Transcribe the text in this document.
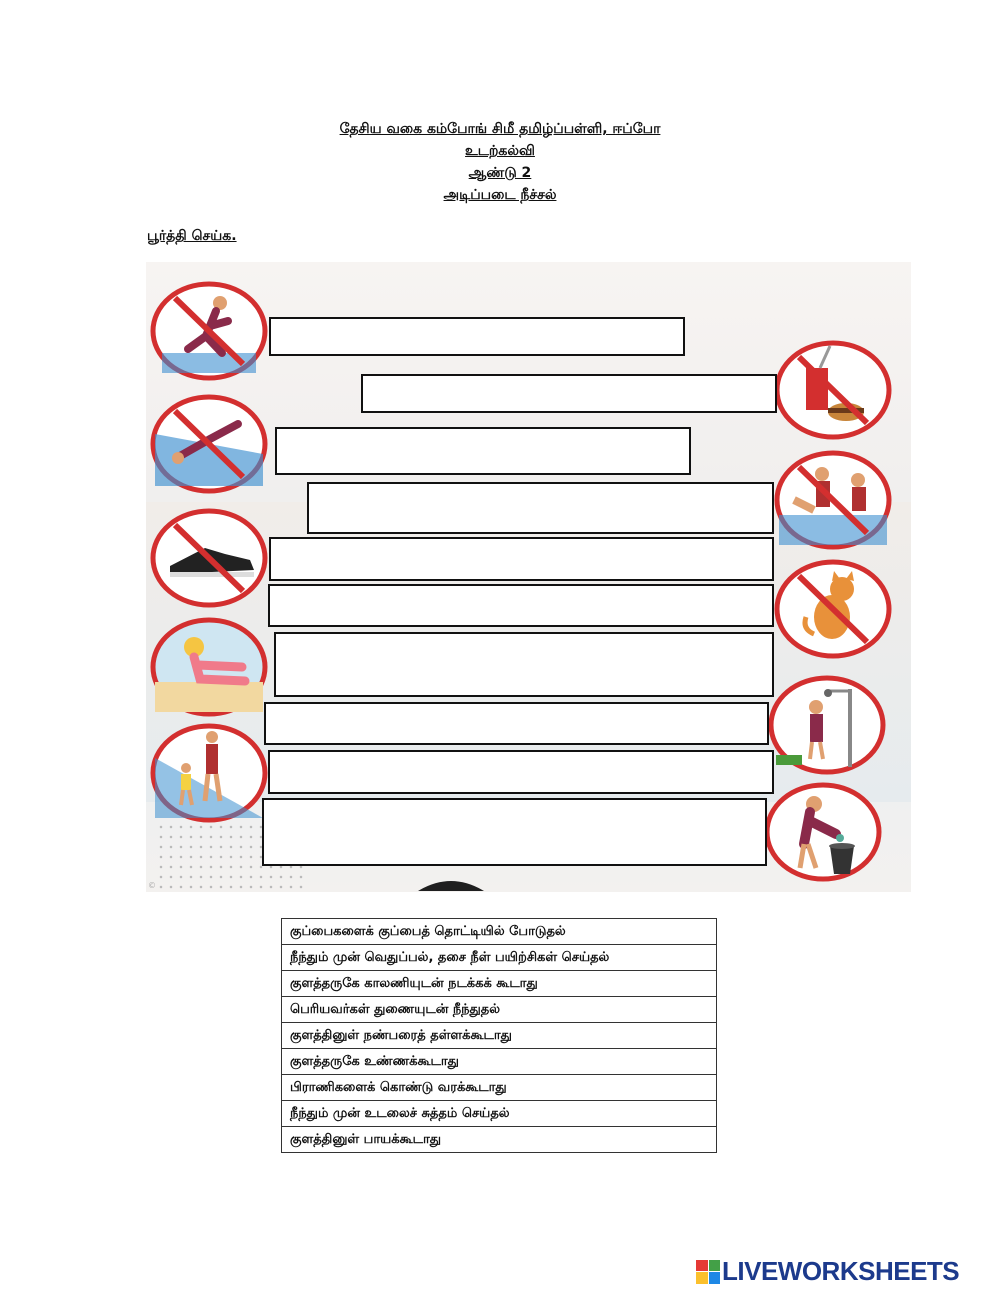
தேசிய வகை கம்போங் சிமீ தமிழ்ப்பள்ளி, ஈப்போ
உடற்கல்வி
ஆண்டு 2
அடிப்படை நீச்சல்
பூர்த்தி செய்க.
©
குப்பைகளைக் குப்பைத் தொட்டியில் போடுதல்
நீந்தும் முன் வெதுப்பல், தசை நீள் பயிற்சிகள் செய்தல்
குளத்தருகே காலணியுடன் நடக்கக் கூடாது
பெரியவர்கள் துணையுடன் நீந்துதல்
குளத்தினுள் நண்பரைத் தள்ளக்கூடாது
குளத்தருகே உண்ணக்கூடாது
பிராணிகளைக் கொண்டு வரக்கூடாது
நீந்தும் முன் உடலைச் சுத்தம் செய்தல்
குளத்தினுள் பாயக்கூடாது
LIVEWORKSHEETS
